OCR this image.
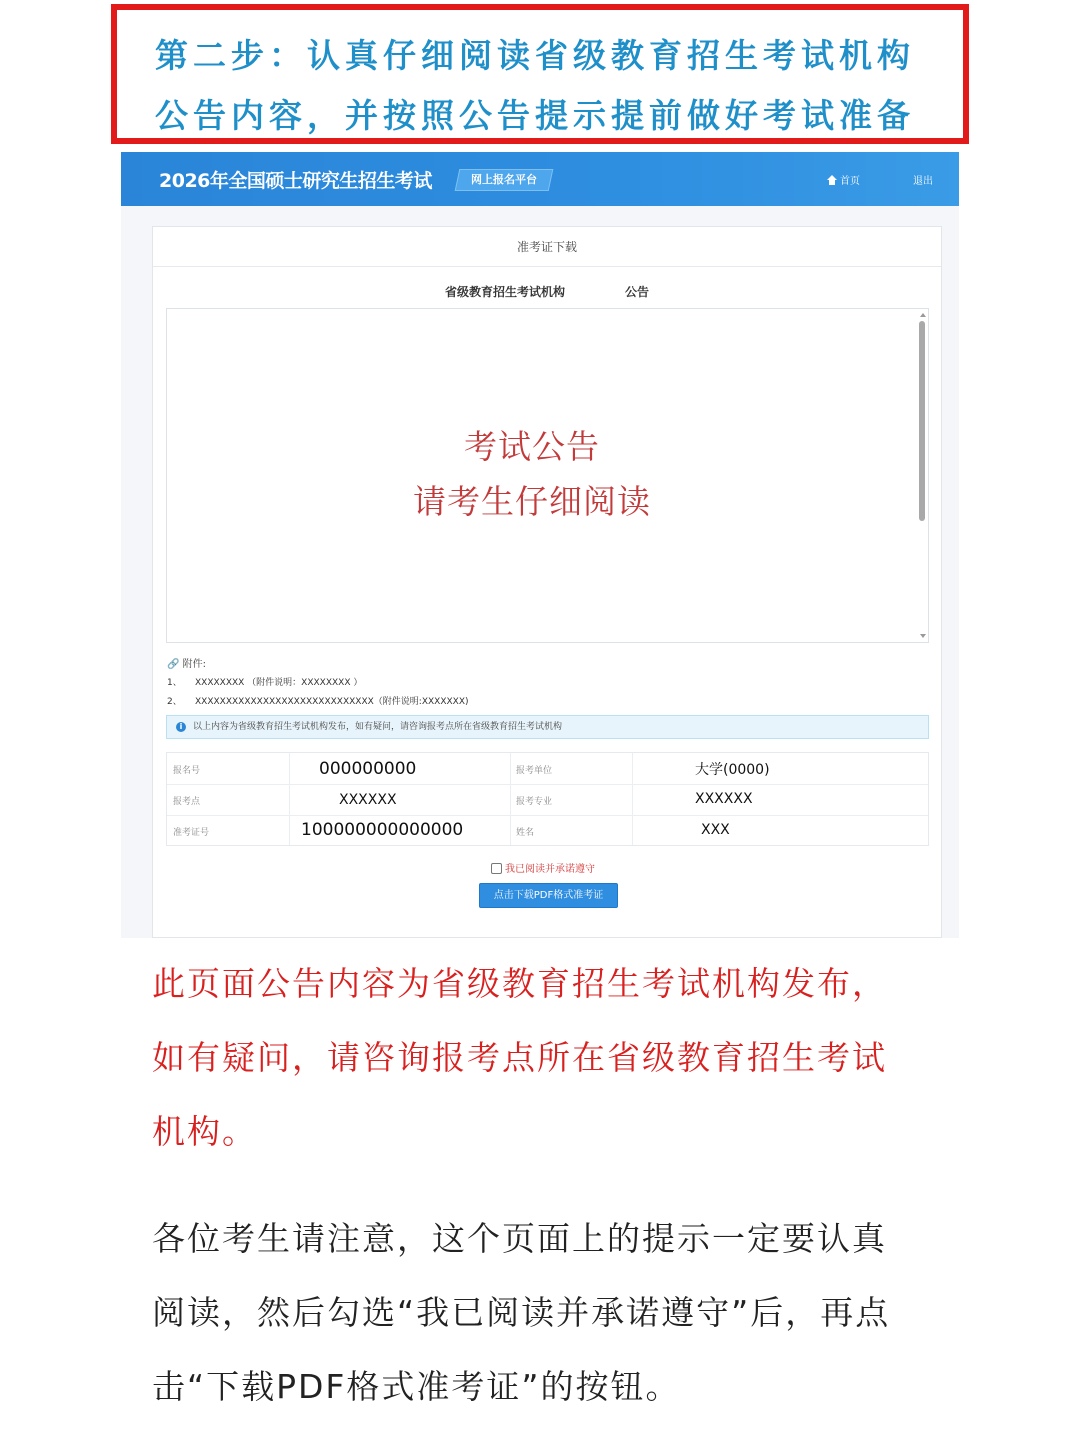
第二步：认真仔细阅读省级教育招生考试机构
公告内容，并按照公告提示提前做好考试准备
2026年全国硕士研究生招生考试	网上报名平台	首页	退出
准考证下载
省级教育招生考试机构	公告
考试公告
请考生仔细阅读
🔗 附件:
1、 XXXXXXXX （附件说明：XXXXXXXX ）
2、 XXXXXXXXXXXXXXXXXXXXXXXXXXXXX（附件说明:XXXXXXX)
i	以上内容为省级教育招生考试机构发布，如有疑问，请咨询报考点所在省级教育招生考试机构
报名号	000000000	报考单位	大学(0000)
报考点	XXXXXX	报考专业	XXXXXX
准考证号	100000000000000	姓名	XXX
我已阅读并承诺遵守
点击下载PDF格式准考证
此页面公告内容为省级教育招生考试机构发布，
如有疑问，请咨询报考点所在省级教育招生考试
机构。
各位考生请注意，这个页面上的提示一定要认真
阅读，然后勾选“我已阅读并承诺遵守”后，再点
击“下载PDF格式准考证”的按钮。
